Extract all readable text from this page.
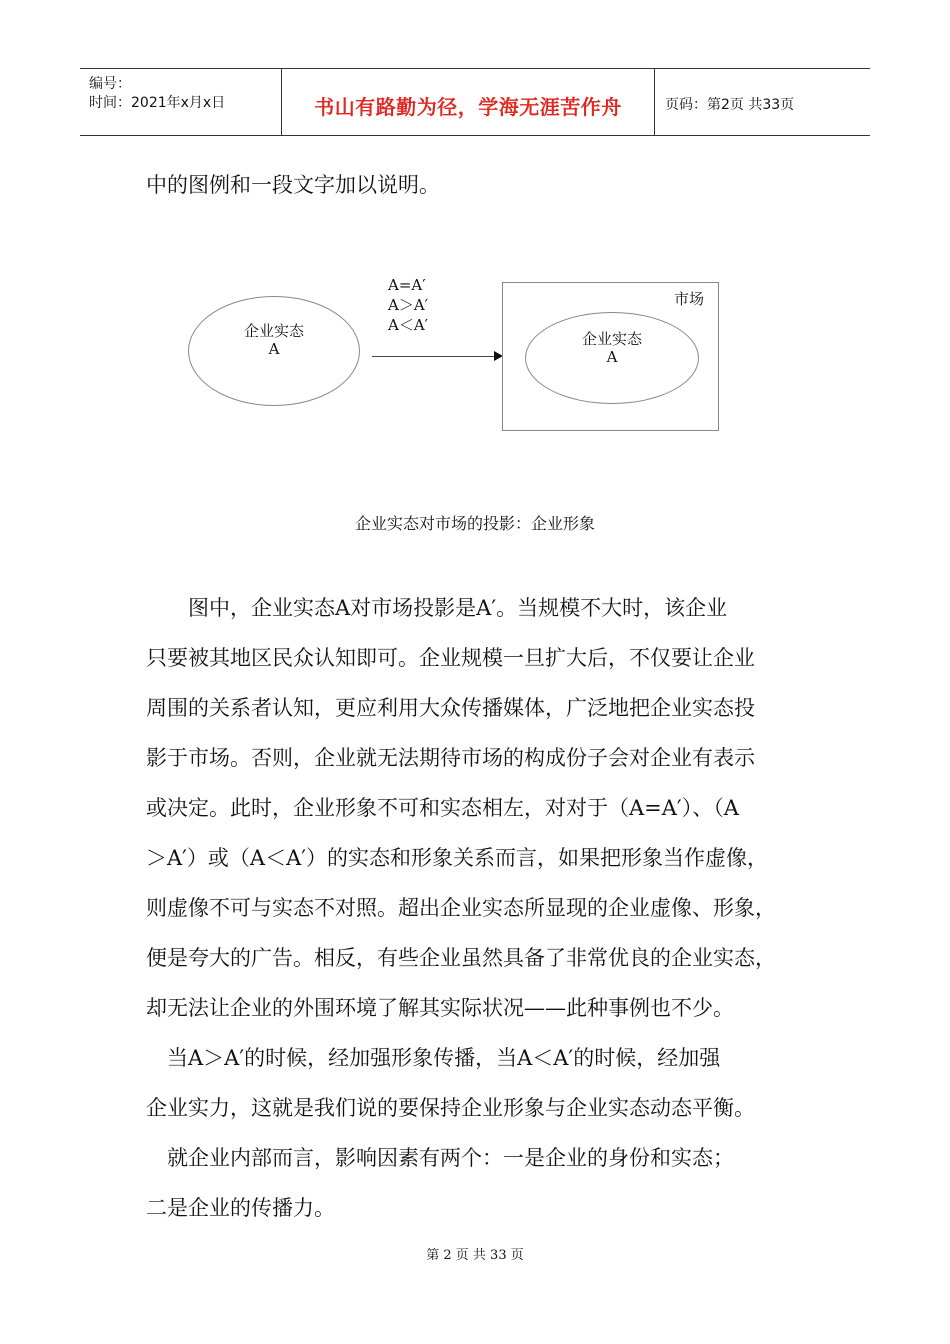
编号：
时间：2021年x月x日	书山有路勤为径，学海无涯苦作舟	页码：第2页 共33页
中的图例和一段文字加以说明。
企业实态
A
A=A′
A＞A′
A＜A′
市场
企业实态
A
企业实态对市场的投影：企业形象
　　图中，企业实态A对市场投影是A′。当规模不大时，该企业
只要被其地区民众认知即可。企业规模一旦扩大后，不仅要让企业
周围的关系者认知，更应利用大众传播媒体，广泛地把企业实态投
影于市场。否则，企业就无法期待市场的构成份子会对企业有表示
或决定。此时，企业形象不可和实态相左，对对于（A=A′）、（A
＞A′）或（A＜A′）的实态和形象关系而言，如果把形象当作虚像，
则虚像不可与实态不对照。超出企业实态所显现的企业虚像、形象，
便是夸大的广告。相反，有些企业虽然具备了非常优良的企业实态，
却无法让企业的外围环境了解其实际状况——此种事例也不少。
　当A＞A′的时候，经加强形象传播，当A＜A′的时候，经加强
企业实力，这就是我们说的要保持企业形象与企业实态动态平衡。
　就企业内部而言，影响因素有两个：一是企业的身份和实态；
二是企业的传播力。
第 2 页 共 33 页
